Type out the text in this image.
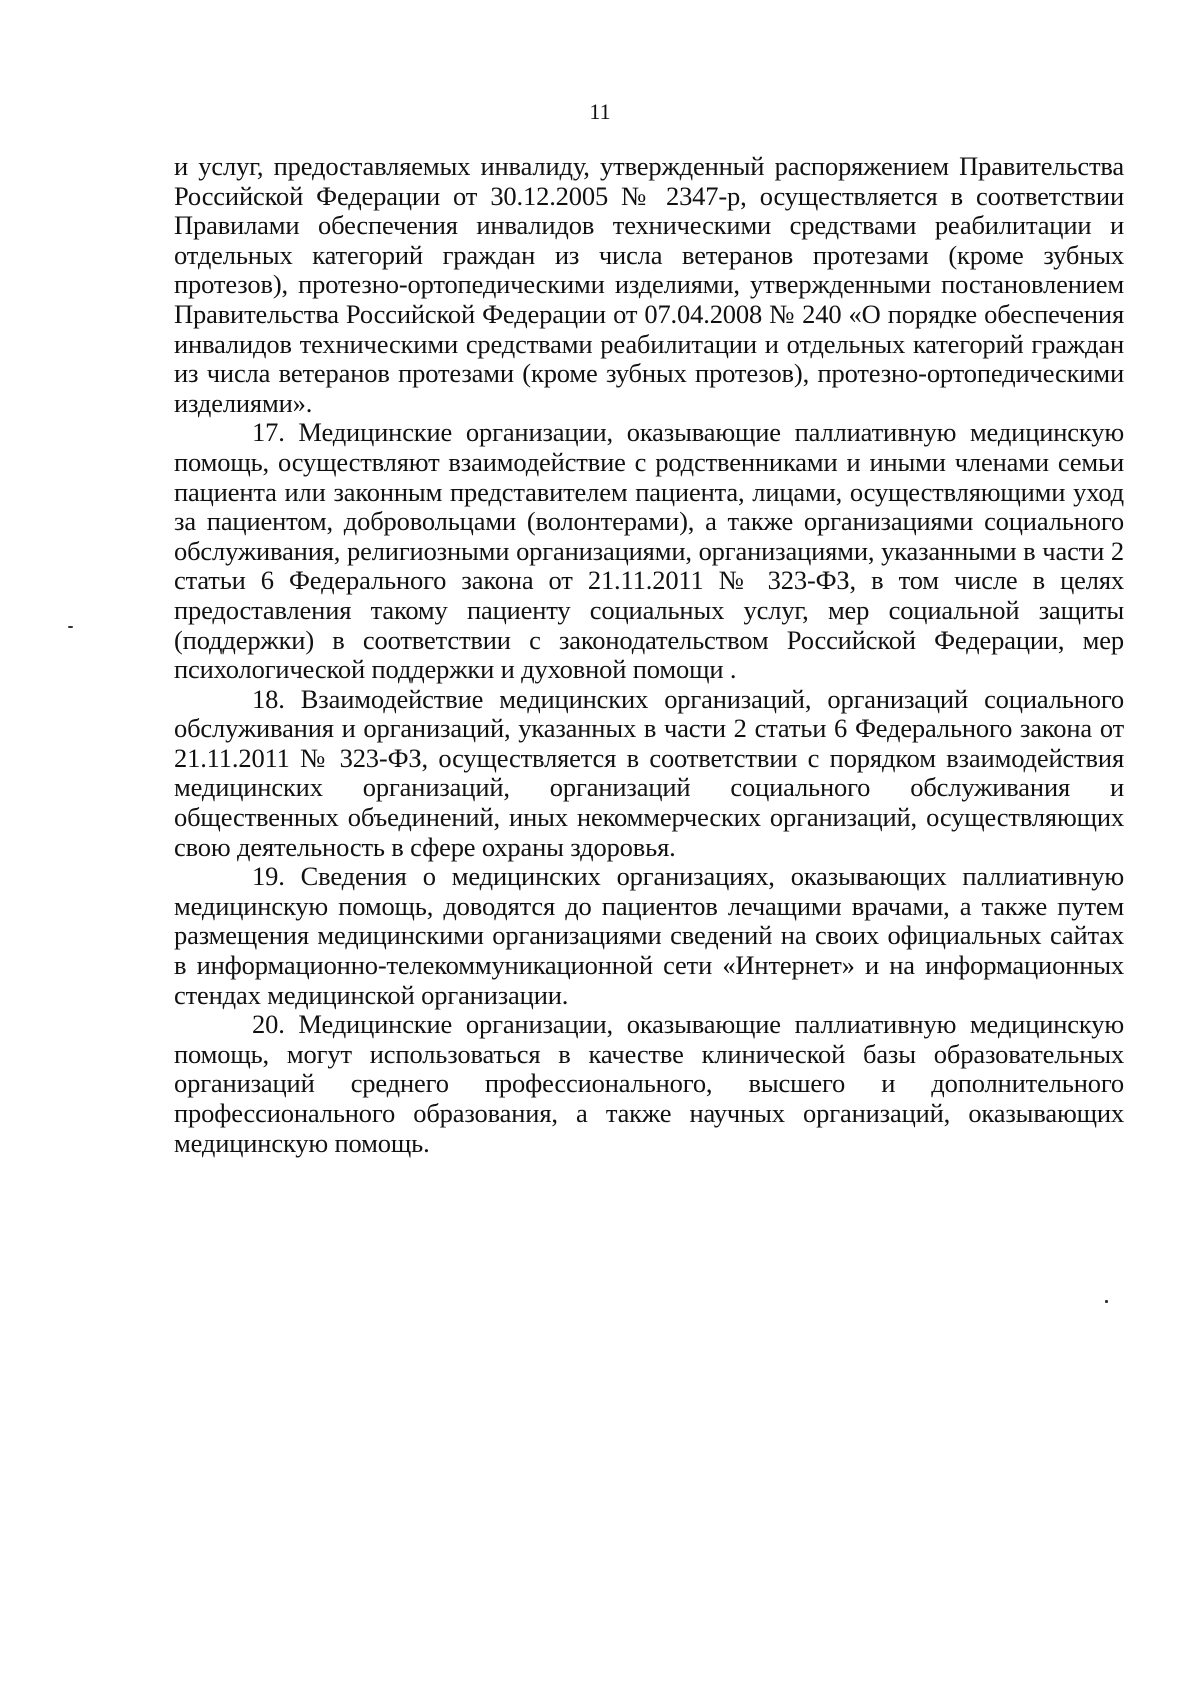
11

и услуг, предоставляемых инвалиду, утвержденный распоряжением Правительства Российской Федерации от 30.12.2005 № 2347-р, осуществляется в соответствии Правилами обеспечения инвалидов техническими средствами реабилитации и отдельных категорий граждан из числа ветеранов протезами (кроме зубных протезов), протезно-ортопедическими изделиями, утвержденными постановлением Правительства Российской Федерации от 07.04.2008 № 240 «О порядке обеспечения инвалидов техническими средствами реабилитации и отдельных категорий граждан из числа ветеранов протезами (кроме зубных протезов), протезно-ортопедическими изделиями».

17. Медицинские организации, оказывающие паллиативную медицинскую помощь, осуществляют взаимодействие с родственниками и иными членами семьи пациента или законным представителем пациента, лицами, осуществляющими уход за пациентом, добровольцами (волонтерами), а также организациями социального обслуживания, религиозными организациями, организациями, указанными в части 2 статьи 6 Федерального закона от 21.11.2011 № 323-ФЗ, в том числе в целях предоставления такому пациенту социальных услуг, мер социальной защиты (поддержки) в соответствии с законодательством Российской Федерации, мер психологической поддержки и духовной помощи .

18. Взаимодействие медицинских организаций, организаций социального обслуживания и организаций, указанных в части 2 статьи 6 Федерального закона от 21.11.2011 № 323-ФЗ, осуществляется в соответствии с порядком взаимодействия медицинских организаций, организаций социального обслуживания и общественных объединений, иных некоммерческих организаций, осуществляющих свою деятельность в сфере охраны здоровья.

19. Сведения о медицинских организациях, оказывающих паллиативную медицинскую помощь, доводятся до пациентов лечащими врачами, а также путем размещения медицинскими организациями сведений на своих официальных сайтах в информационно-телекоммуникационной сети «Интернет» и на информационных стендах медицинской организации.

20. Медицинские организации, оказывающие паллиативную медицинскую помощь, могут использоваться в качестве клинической базы образовательных организаций среднего профессионального, высшего и дополнительного профессионального образования, а также научных организаций, оказывающих медицинскую помощь.
